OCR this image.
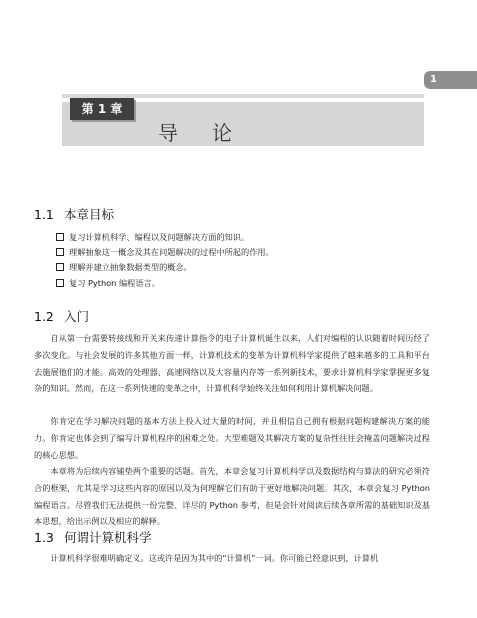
1
第 1 章
导论
1.1 本章目标
复习计算机科学、编程以及问题解决方面的知识。
理解抽象这一概念及其在问题解决的过程中所起的作用。
理解并建立抽象数据类型的概念。
复习 Python 编程语言。
1.2 入门

自从第一台需要转接线和开关来传递计算指令的电子计算机诞生以来，人们对编程的认识随着时间历经了多次变化。与社会发展的许多其他方面一样，计算机技术的变革为计算机科学家提供了越来越多的工具和平台去施展他们的才能。高效的处理器、高速网络以及大容量内存等一系列新技术，要求计算机科学家掌握更多复杂的知识。然而，在这一系列快速的变革之中，计算机科学始终关注如何利用计算机解决问题。

你肯定在学习解决问题的基本方法上投入过大量的时间，并且相信自己拥有根据问题构建解决方案的能力。你肯定也体会到了编写计算机程序的困难之处。大型难题及其解决方案的复杂性往往会掩盖问题解决过程的核心思想。

本章将为后续内容铺垫两个重要的话题。首先，本章会复习计算机科学以及数据结构与算法的研究必须符合的框架，尤其是学习这些内容的原因以及为何理解它们有助于更好地解决问题。其次，本章会复习 Python 编程语言。尽管我们无法提供一份完整、详尽的 Python 参考，但是会针对阅读后续各章所需的基础知识及基本思想，给出示例以及相应的解释。

1.3 何谓计算机科学

计算机科学很难明确定义。这或许是因为其中的“计算机”一词。你可能已经意识到，计算机
